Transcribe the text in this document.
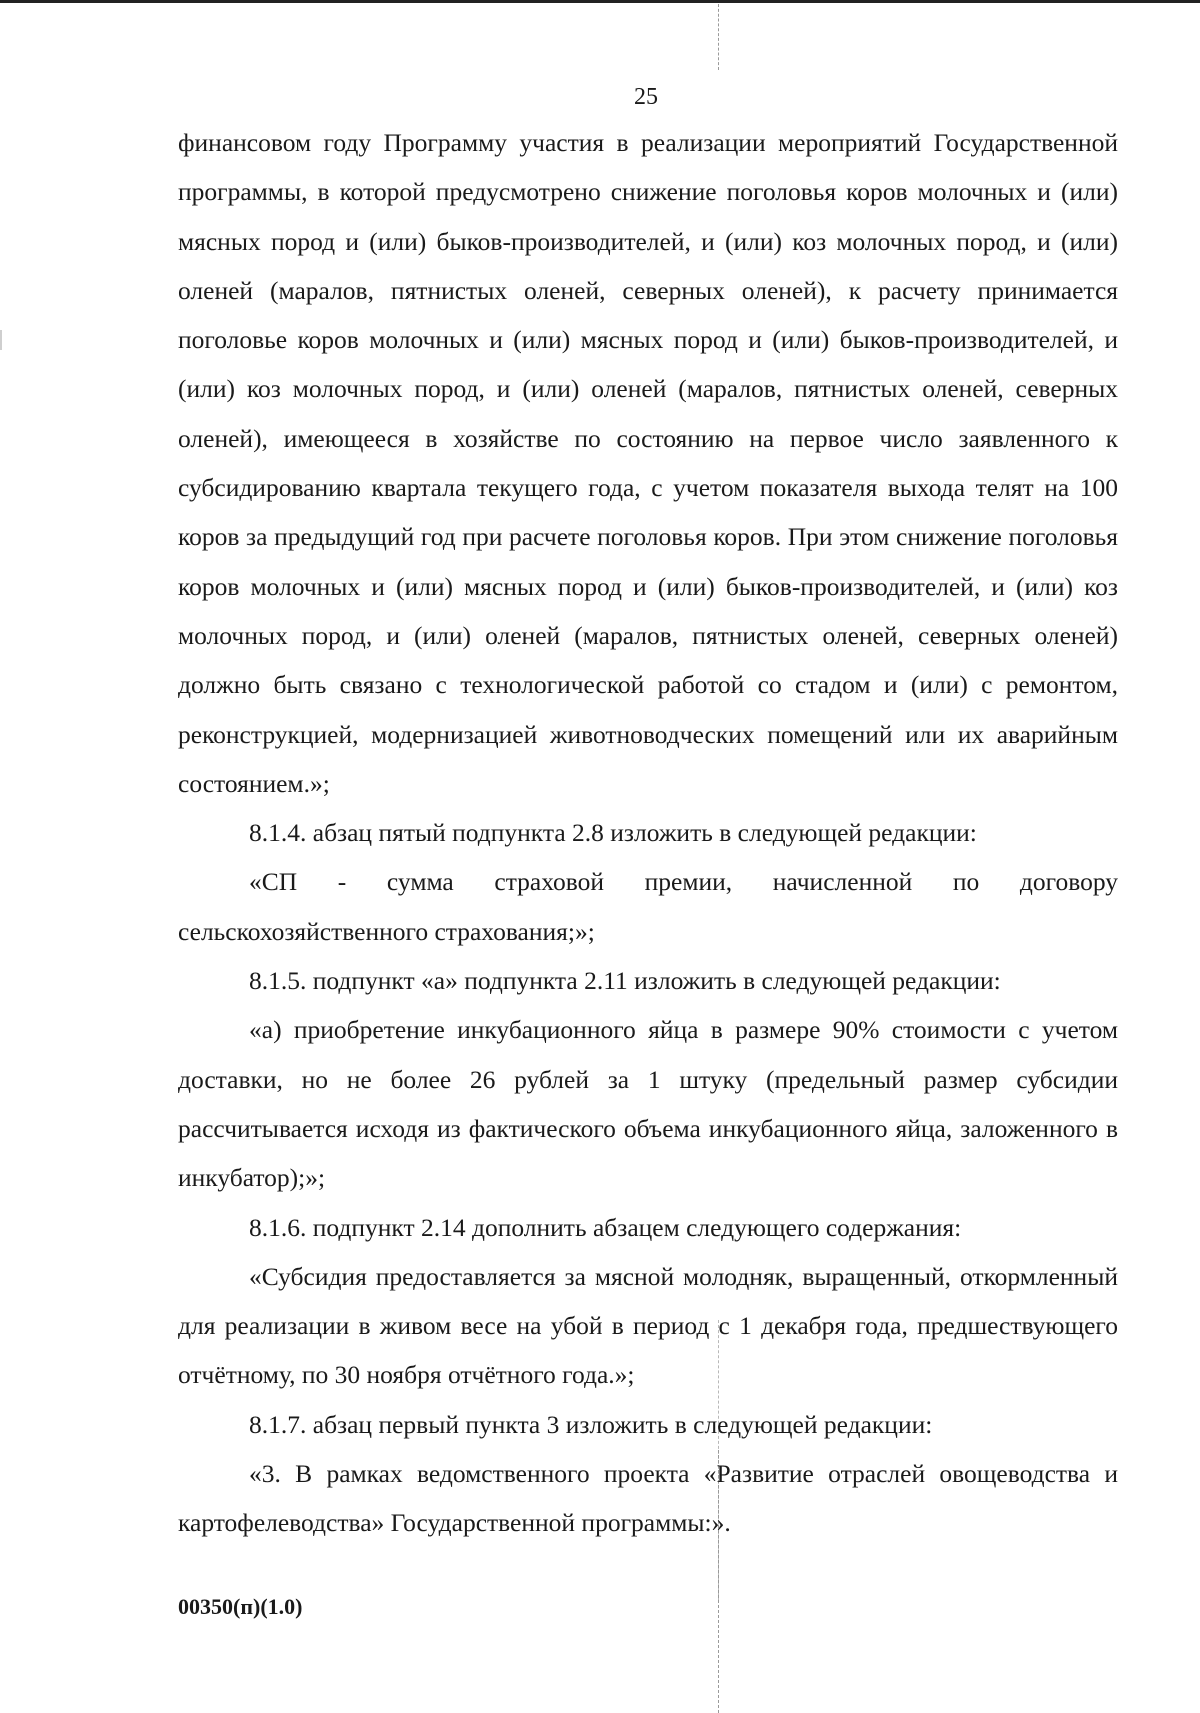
25

финансовом году Программу участия в реализации мероприятий Государственной программы, в которой предусмотрено снижение поголовья коров молочных и (или) мясных пород и (или) быков-производителей, и (или) коз молочных пород, и (или) оленей (маралов, пятнистых оленей, северных оленей), к расчету принимается поголовье коров молочных и (или) мясных пород и (или) быков-производителей, и (или) коз молочных пород, и (или) оленей (маралов, пятнистых оленей, северных оленей), имеющееся в хозяйстве по состоянию на первое число заявленного к субсидированию квартала текущего года, с учетом показателя выхода телят на 100 коров за предыдущий год при расчете поголовья коров. При этом снижение поголовья коров молочных и (или) мясных пород и (или) быков-производителей, и (или) коз молочных пород, и (или) оленей (маралов, пятнистых оленей, северных оленей) должно быть связано с технологической работой со стадом и (или) с ремонтом, реконструкцией, модернизацией животноводческих помещений или их аварийным состоянием.»;

8.1.4. абзац пятый подпункта 2.8 изложить в следующей редакции:

«СП - сумма страховой премии, начисленной по договору сельскохозяйственного страхования;»;

8.1.5. подпункт «а» подпункта 2.11 изложить в следующей редакции:

«а) приобретение инкубационного яйца в размере 90% стоимости с учетом доставки, но не более 26 рублей за 1 штуку (предельный размер субсидии рассчитывается исходя из фактического объема инкубационного яйца, заложенного в инкубатор);»;

8.1.6. подпункт 2.14 дополнить абзацем следующего содержания:

«Субсидия предоставляется за мясной молодняк, выращенный, откормленный для реализации в живом весе на убой в период с 1 декабря года, предшествующего отчётному, по 30 ноября отчётного года.»;

8.1.7. абзац первый пункта 3 изложить в следующей редакции:

«3. В рамках ведомственного проекта «Развитие отраслей овощеводства и картофелеводства» Государственной программы:».

00350(п)(1.0)
